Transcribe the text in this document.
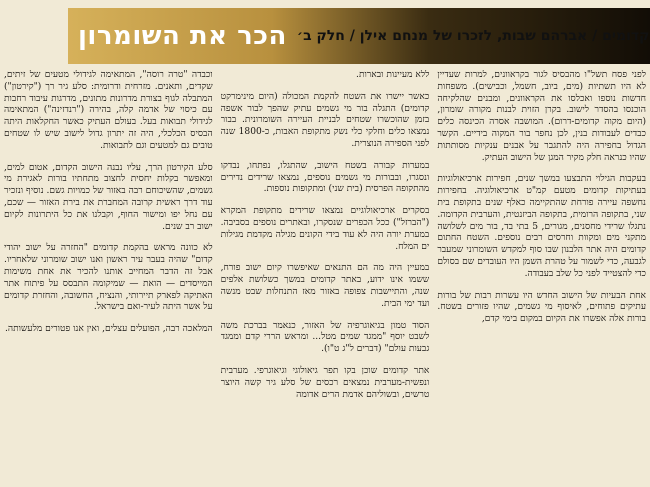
הכר את השומרון קדומים / אברהם שבות, לזכרו של מנחם אילן / חלק ב׳

לפני פסח תשל"ו מהבסיס לגור בקראוונים, למרות שעדיין לא היו תשתיות (מים, ביוב, חשמל, וכבישים). משפחות חדשות נוספו ואכלסו את הקראוונים, ומבנים שהלקיחה הוכנסו בהסדר לישוב. בקרן הזוית לבנות מקורה שומרון, (היום מקוה קדומים-דרום). המושבה אסרה הכינסה כלים כבדים לעבודות בנין, לכן נחפר בור המקוה בידיים. הקשר הגדול בחפירה היה להתגבר על אבנים ענקיות מסותתות שהיו כנראה חלק מקיר המגן של הישוב העתיק.

בעקבות הגילוי התבצעו במשך שנים, חפירות ארכיאולוגיות בעתיקות קדומים מטעם קמ"ט ארכיאולוגיה. בחפירות נחשפה עיירה פורחת שהתקיימה כאלף שנים בתקופת בית שני, בתקופה הרומית, בתקופה הביזנטית, והערבית הקדומה. נתגלו שרידי מחסנים, מגורים, 5 בתי בד, בור מים לשלושה מתקני מים ומקוות וחרסים רבים נוספים. השטח החתום קדומים היה אתר הלבנון שבו סוף למקדש השומרוני שמעבר לגבעה, כדי לשמור על טהרת השמן היו העובדים שם בסולם כדי להצטייד לפני כל שלב בעבודה.

אחת הבעיות של הישוב החדש היו עשרות רבות של בורות עתיקים פתוחים, לאיסוף מי גשמים, שהיו פזורים בשטח. בורות אלה אפשרו את הקיום במקום בימי קדם,

ללא מעיינות ובארות.

כאשר יישרו את השטח להקמת המכולה (היום מינימרקט קדומים) התגלה בור מי גשמים עתיק שהפך לבור אשפה בזמן שהוכשרו שטחים לבניית העיירה השומרונית. בבור נמצאו כלים וחלקי כלי נשק מתקופת האבות, כ-1800 שנה לפני הספירה הנוצרית.

במערות קבורה בשטח הישוב, שהתגלו, נפתחו, נבדקו ונסגרו, ובבורות מי גשמים נוספים, נמצאו שרידים נדירים מהתקופה הפרסית (בית שני) ומתקופות נוספות.

בסקרים ארכיאולוגיים נמצאו שרידים מתקופת המקרא ("הברזל") ככל הכפרים שנסקרו, ובאתרים נוספים בסביבה. במערת יורה היה לא עוד בידי הקונים מגילה מקדמת מגילות ים המלח.

במעיין היה מה הם התנאים שאיפשרו קיום ישוב פורח, ששמו אינו ידוע, באתר קדומים במשך כשלושת אלפים שנה, והתיישבות צפופה באזור מאז התנחלות שבט מנשה ועד ימי הבית.

הסוד טמון בגיאוגרפיה של האזור, כנאמר בברכת משה לשבט יוסף "ממגד שמים מטל... ומראש הררי קדם וממגד גבעות עולם" (דברים ל"ג ט"ו).

אתר קדומים שוכן בקו תפר גיאולוגי וגיאוגרפי. מערבית ונפשית-מערבית נמצאים רכסים של סלע גיר קשה היוצר טרשים, ובשוליהם אדמת הרים אדומה

וכבדה "טרה רוסה", המתאימה לגידולי מטעים של זיתים, שקדים, ותאנים. מזרחית ודרומית: סלע גיר רך ("קירטון") המתבלה לגוף בצורת מדרונות מתונים, מדרגות עיבוד רחבות עם כיסוי של אדמה קלה, בהירה ("רנדזינה") המתאימה לגידולי תבואות בעל. בעולם העתיק כאשר החקלאות היתה הבסיס הכלכלי, היה זה יתרון גדול לישוב שיש לו שטחים טובים גם למטעים וגם לתבואות.

סלע הקירטון הרך, עליו נבנה הישוב הקדום, אטום למים, ומאפשר בקלות יחסית לחצוב מתחתיו בורות לאגירת מי גשמים, שהשיכוחם רבה באזור של כמויות גשם. נוסיף ונזכיר עוד דרך ראשית קרובה המחברת את בירת האזור — שכם, עם נחל יפו ומישור החוף, וקבלנו את כל היתרונות לקיום ישוב רב שנים.

לא כוונה מראש בהקמת קדומים "החזרה על ישוב יהודי קדום" שהיה בעבר עיר ראשון ואנו ישוב שומרוני שלאחריו. אבל זה הדבר המחייב אותנו להכיר את אחת משימות המייסדים — הואת — שמיקומה התבסס על פיתוח אתר האתיקה לפארק תיירותי, והנציח, החשובה, והחזרת קדומים על אשר היתה לעיר-ואם בישראל.

המלאכה רבה, הפועלים עצלים, ואין אנו פטורים מלעשותה.
